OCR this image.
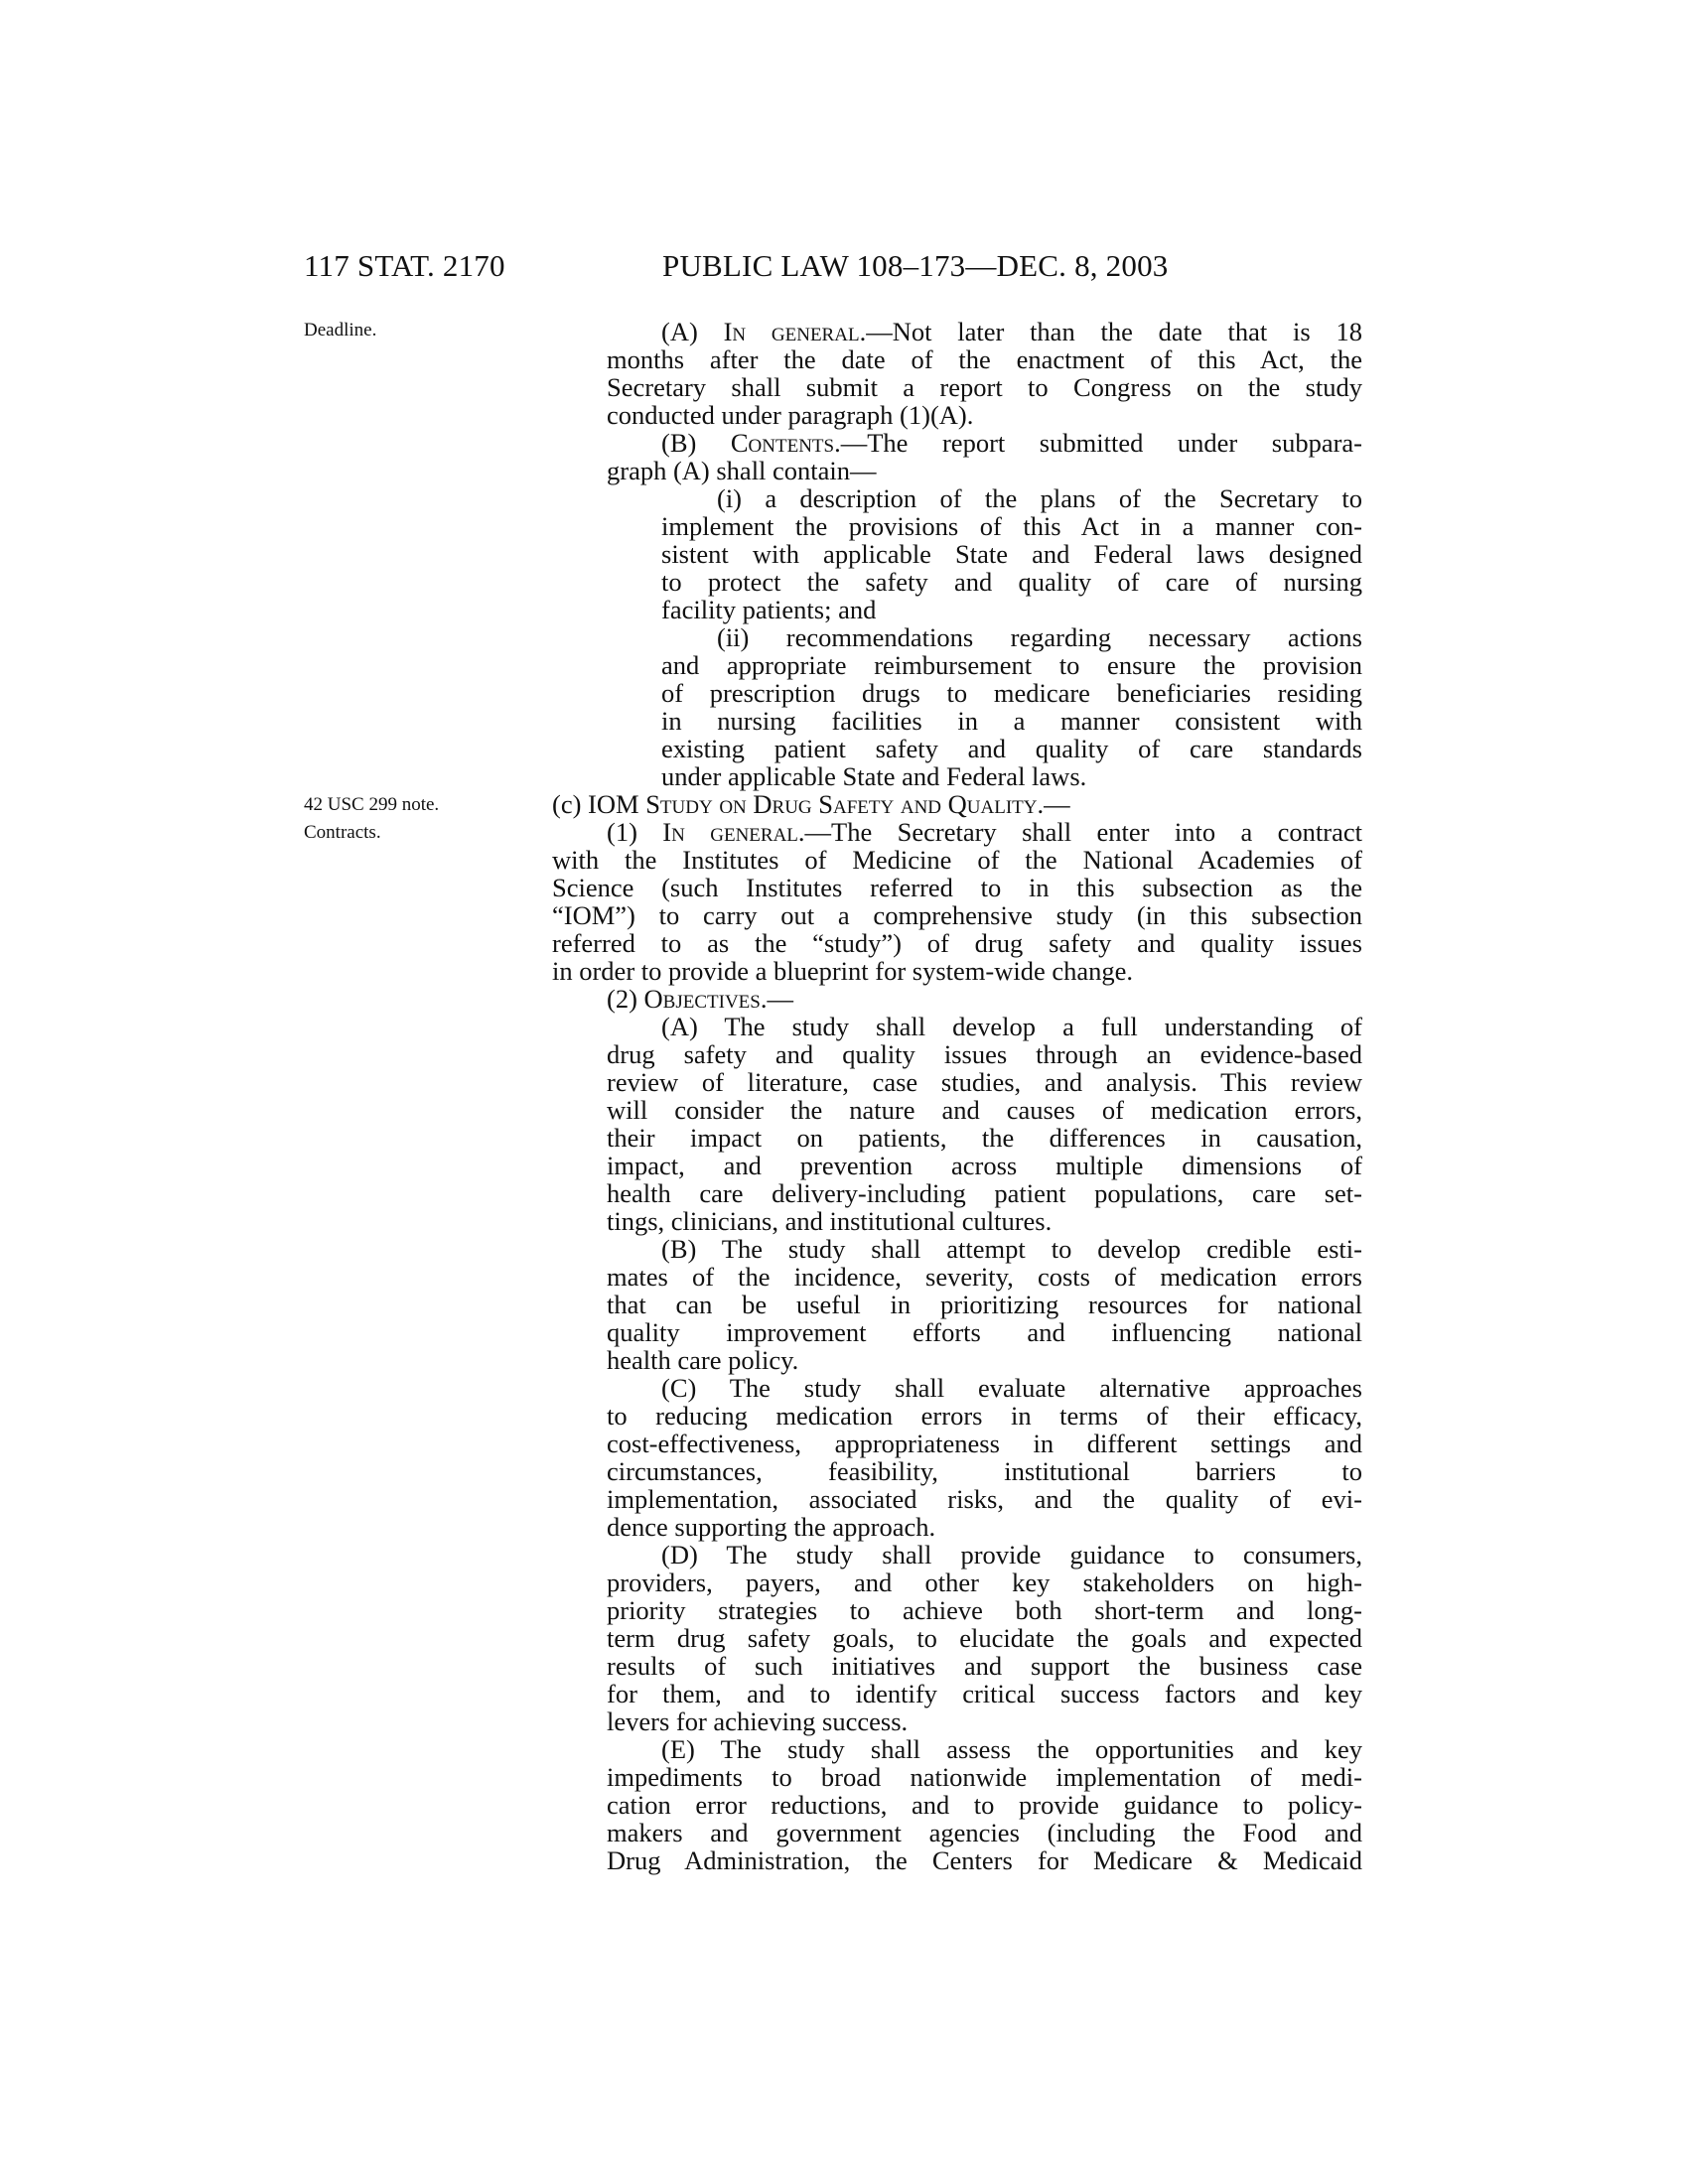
117 STAT. 2170	PUBLIC LAW 108–173—DEC. 8, 2003
Deadline.
42 USC 299 note.
Contracts.
(A) In general.—Not later than the date that is 18
months after the date of the enactment of this Act, the
Secretary shall submit a report to Congress on the study
conducted under paragraph (1)(A).
(B) Contents.—The report submitted under subpara-
graph (A) shall contain—
(i) a description of the plans of the Secretary to
implement the provisions of this Act in a manner con-
sistent with applicable State and Federal laws designed
to protect the safety and quality of care of nursing
facility patients; and
(ii) recommendations regarding necessary actions
and appropriate reimbursement to ensure the provision
of prescription drugs to medicare beneficiaries residing
in nursing facilities in a manner consistent with
existing patient safety and quality of care standards
under applicable State and Federal laws.
(c) IOM Study on Drug Safety and Quality.—
(1) In general.—The Secretary shall enter into a contract
with the Institutes of Medicine of the National Academies of
Science (such Institutes referred to in this subsection as the
“IOM”) to carry out a comprehensive study (in this subsection
referred to as the “study”) of drug safety and quality issues
in order to provide a blueprint for system-wide change.
(2) Objectives.—
(A) The study shall develop a full understanding of
drug safety and quality issues through an evidence-based
review of literature, case studies, and analysis. This review
will consider the nature and causes of medication errors,
their impact on patients, the differences in causation,
impact, and prevention across multiple dimensions of
health care delivery-including patient populations, care set-
tings, clinicians, and institutional cultures.
(B) The study shall attempt to develop credible esti-
mates of the incidence, severity, costs of medication errors
that can be useful in prioritizing resources for national
quality improvement efforts and influencing national
health care policy.
(C) The study shall evaluate alternative approaches
to reducing medication errors in terms of their efficacy,
cost-effectiveness, appropriateness in different settings and
circumstances, feasibility, institutional barriers to
implementation, associated risks, and the quality of evi-
dence supporting the approach.
(D) The study shall provide guidance to consumers,
providers, payers, and other key stakeholders on high-
priority strategies to achieve both short-term and long-
term drug safety goals, to elucidate the goals and expected
results of such initiatives and support the business case
for them, and to identify critical success factors and key
levers for achieving success.
(E) The study shall assess the opportunities and key
impediments to broad nationwide implementation of medi-
cation error reductions, and to provide guidance to policy-
makers and government agencies (including the Food and
Drug Administration, the Centers for Medicare & Medicaid
